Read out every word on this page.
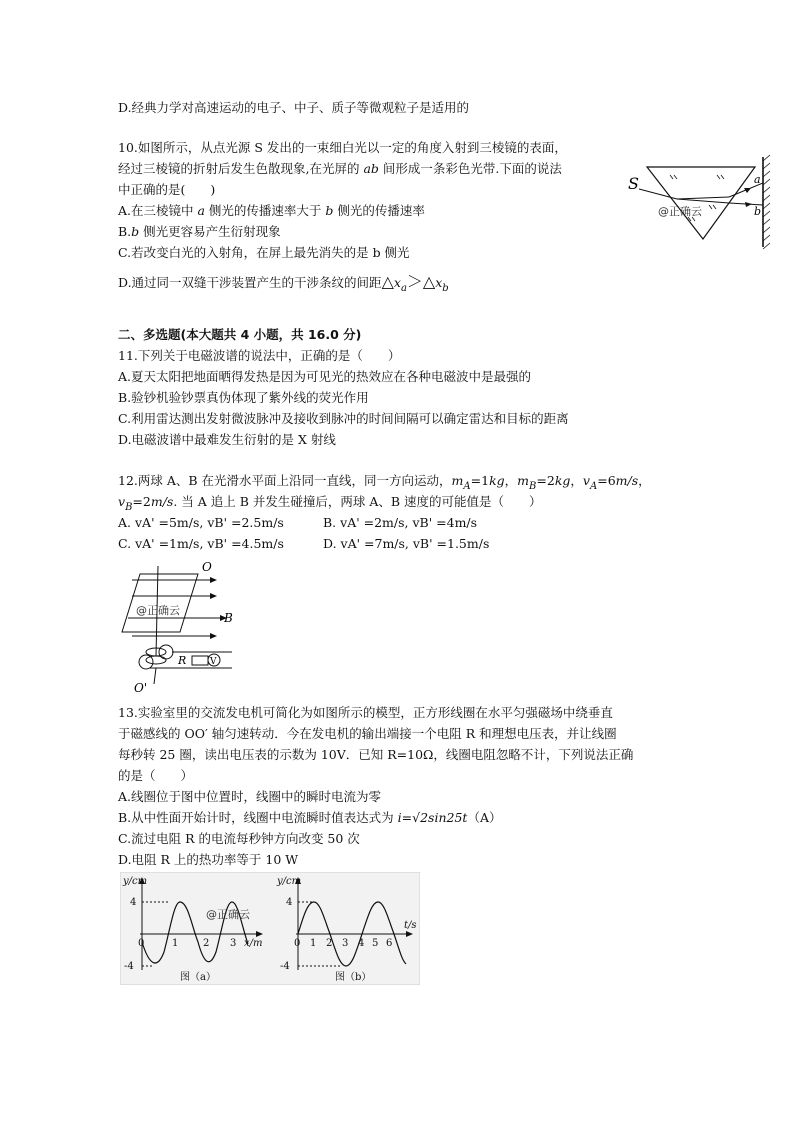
D.经典力学对高速运动的电子、中子、质子等微观粒子是适用的
10.如图所示，从点光源 S 发出的一束细白光以一定的角度入射到三棱镜的表面，
经过三棱镜的折射后发生色散现象,在光屏的 ab 间形成一条彩色光带.下面的说法
中正确的是(　　)
A.在三棱镜中 a 侧光的传播速率大于 b 侧光的传播速率
B.b 侧光更容易产生衍射现象
C.若改变白光的入射角，在屏上最先消失的是 b 侧光
D.通过同一双缝干涉装置产生的干涉条纹的间距$\triangle x_a>\triangle x_b$
S	a
b
@正确云
二、多选题(本大题共 4 小题，共 16.0 分)
11.下列关于电磁波谱的说法中，正确的是（　　）
A.夏天太阳把地面晒得发热是因为可见光的热效应在各种电磁波中是最强的
B.验钞机验钞票真伪体现了紫外线的荧光作用
C.利用雷达测出发射微波脉冲及接收到脉冲的时间间隔可以确定雷达和目标的距离
D.电磁波谱中最难发生衍射的是 X 射线
12.两球 A、B 在光滑水平面上沿同一直线，同一方向运动，$m_A=1kg$，$m_B=2kg$，$v_A=6m/s$，
$v_B=2m/s$. 当 A 追上 B 并发生碰撞后，两球 A、B 速度的可能值是（　　）
A. vA' =5m/s, vB' =2.5m/s	B. vA' =2m/s, vB' =4m/s
C. vA' =1m/s, vB' =4.5m/s	D. vA' =7m/s, vB' =1.5m/s
O
B
R	V
O'
@正确云
13.实验室里的交流发电机可简化为如图所示的模型，正方形线圈在水平匀强磁场中绕垂直
于磁感线的 OO′ 轴匀速转动．今在发电机的输出端接一个电阻 R 和理想电压表，并让线圈
每秒转 25 圈，读出电压表的示数为 10V．已知 R=10Ω，线圈电阻忽略不计，下列说法正确
的是（　　）
A.线圈位于图中位置时，线圈中的瞬时电流为零
B.从中性面开始计时，线圈中电流瞬时值表达式为 i=√2sin25t（A）
C.流过电阻 R 的电流每秒钟方向改变 50 次
D.电阻 R 上的热功率等于 10 W
y/cm
4
-4
0	1 2 3 x/m
图（a）
@正确云
y/cm
4
-4
0 1 2 3 4 5 6
t/s
图（b）
